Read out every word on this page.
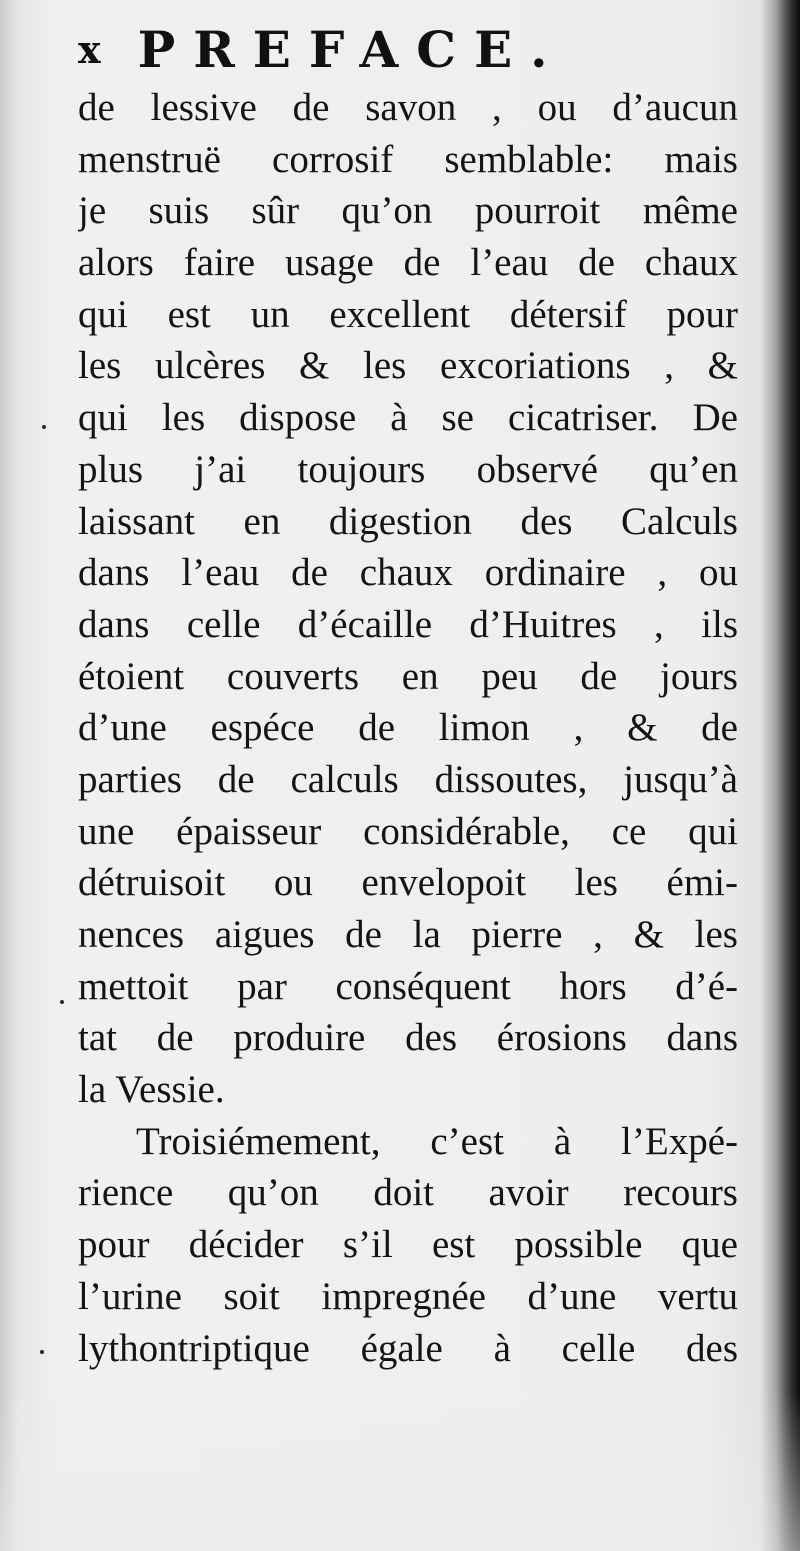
x PREFACE.
de lessive de savon , ou d’aucun
menstruë corrosif semblable: mais
je suis sûr qu’on pourroit même
alors faire usage de l’eau de chaux
qui est un excellent détersif pour
les ulcères & les excoriations , &
qui les dispose à se cicatriser. De
plus j’ai toujours observé qu’en
laissant en digestion des Calculs
dans l’eau de chaux ordinaire , ou
dans celle d’écaille d’Huitres , ils
étoient couverts en peu de jours
d’une espéce de limon , & de
parties de calculs dissoutes, jusqu’à
une épaisseur considérable, ce qui
détruisoit ou envelopoit les émi-
nences aigues de la pierre , & les
mettoit par conséquent hors d’é-
tat de produire des érosions dans
la Vessie.
Troisiémement, c’est à l’Expé-
rience qu’on doit avoir recours
pour décider s’il est possible que
l’urine soit impregnée d’une vertu
lythontriptique égale à celle des
